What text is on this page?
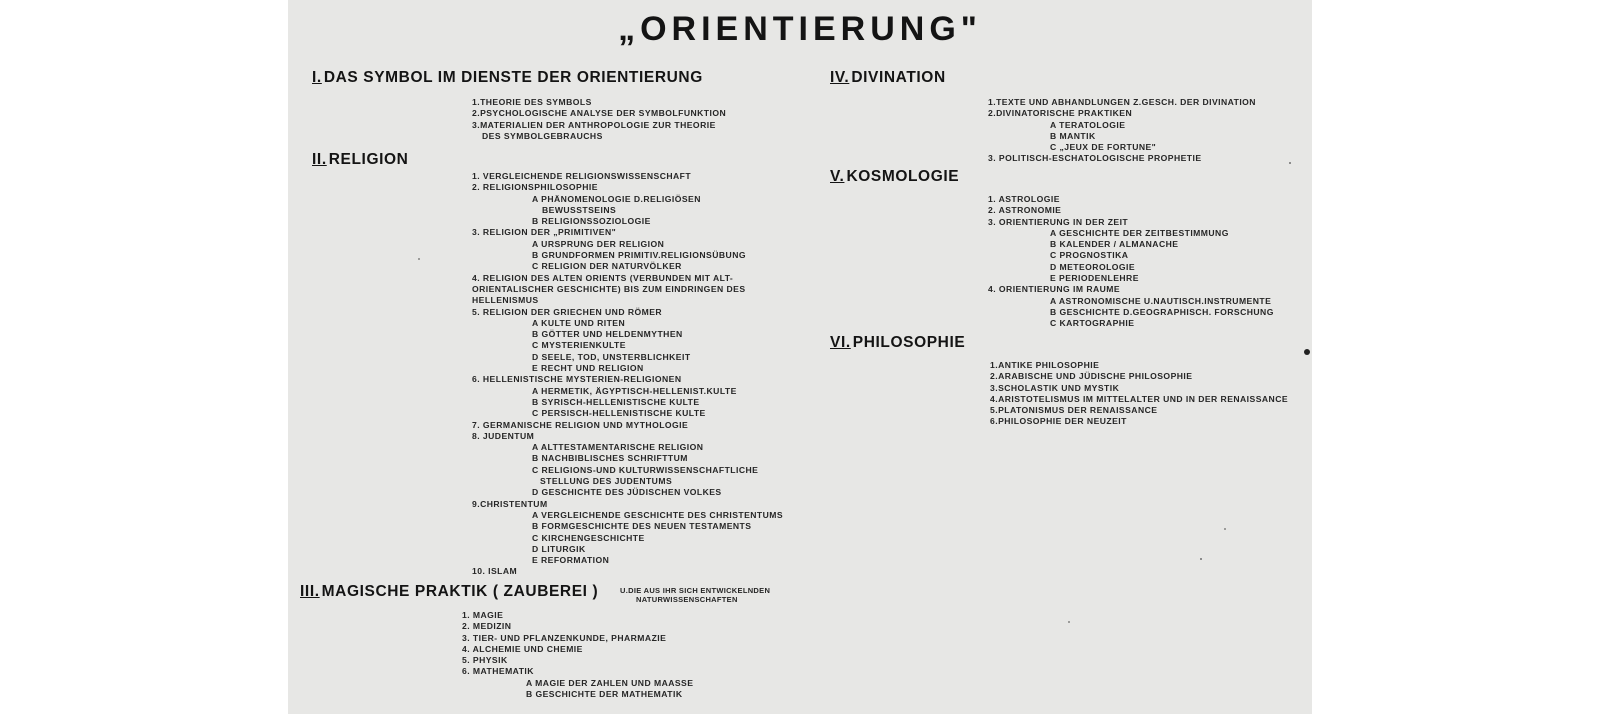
„ORIENTIERUNG"
I. DAS SYMBOL IM DIENSTE DER ORIENTIERUNG
1.THEORIE DES SYMBOLS
2.PSYCHOLOGISCHE ANALYSE DER SYMBOLFUNKTION
3.MATERIALIEN DER ANTHROPOLOGIE ZUR THEORIE
DES SYMBOLGEBRAUCHS
II. RELIGION
1. VERGLEICHENDE RELIGIONSWISSENSCHAFT
2. RELIGIONSPHILOSOPHIE
A PHÄNOMENOLOGIE D.RELIGIÖSEN
BEWUSSTSEINS
B RELIGIONSSOZIOLOGIE
3. RELIGION DER „PRIMITIVEN"
A URSPRUNG DER RELIGION
B GRUNDFORMEN PRIMITIV.RELIGIONSÜBUNG
C RELIGION DER NATURVÖLKER
4. RELIGION DES ALTEN ORIENTS (VERBUNDEN MIT ALT-
ORIENTALISCHER GESCHICHTE) BIS ZUM EINDRINGEN DES
HELLENISMUS
5. RELIGION DER GRIECHEN UND RÖMER
A KULTE UND RITEN
B GÖTTER UND HELDENMYTHEN
C MYSTERIENKULTE
D SEELE, TOD, UNSTERBLICHKEIT
E RECHT UND RELIGION
6. HELLENISTISCHE MYSTERIEN-RELIGIONEN
A HERMETIK, ÄGYPTISCH-HELLENIST.KULTE
B SYRISCH-HELLENISTISCHE KULTE
C PERSISCH-HELLENISTISCHE KULTE
7. GERMANISCHE RELIGION UND MYTHOLOGIE
8. JUDENTUM
A ALTTESTAMENTARISCHE RELIGION
B NACHBIBLISCHES SCHRIFTTUM
C RELIGIONS-UND KULTURWISSENSCHAFTLICHE
STELLUNG DES JUDENTUMS
D GESCHICHTE DES JÜDISCHEN VOLKES
9.CHRISTENTUM
A VERGLEICHENDE GESCHICHTE DES CHRISTENTUMS
B FORMGESCHICHTE DES NEUEN TESTAMENTS
C KIRCHENGESCHICHTE
D LITURGIK
E REFORMATION
10. ISLAM
III. MAGISCHE PRAKTIK ( ZAUBEREI )	U.DIE AUS IHR SICH ENTWICKELNDEN
NATURWISSENSCHAFTEN
1. MAGIE
2. MEDIZIN
3. TIER- UND PFLANZENKUNDE, PHARMAZIE
4. ALCHEMIE UND CHEMIE
5. PHYSIK
6. MATHEMATIK
A MAGIE DER ZAHLEN UND MAASSE
B GESCHICHTE DER MATHEMATIK
IV. DIVINATION
1.TEXTE UND ABHANDLUNGEN Z.GESCH. DER DIVINATION
2.DIVINATORISCHE PRAKTIKEN
A TERATOLOGIE
B MANTIK
C „JEUX DE FORTUNE"
3. POLITISCH-ESCHATOLOGISCHE PROPHETIE
V. KOSMOLOGIE
1. ASTROLOGIE
2. ASTRONOMIE
3. ORIENTIERUNG IN DER ZEIT
A GESCHICHTE DER ZEITBESTIMMUNG
B KALENDER / ALMANACHE
C PROGNOSTIKA
D METEOROLOGIE
E PERIODENLEHRE
4. ORIENTIERUNG IM RAUME
A ASTRONOMISCHE U.NAUTISCH.INSTRUMENTE
B GESCHICHTE D.GEOGRAPHISCH. FORSCHUNG
C KARTOGRAPHIE
VI. PHILOSOPHIE
1.ANTIKE PHILOSOPHIE
2.ARABISCHE UND JÜDISCHE PHILOSOPHIE
3.SCHOLASTIK UND MYSTIK
4.ARISTOTELISMUS IM MITTELALTER UND IN DER RENAISSANCE
5.PLATONISMUS DER RENAISSANCE
6.PHILOSOPHIE DER NEUZEIT
